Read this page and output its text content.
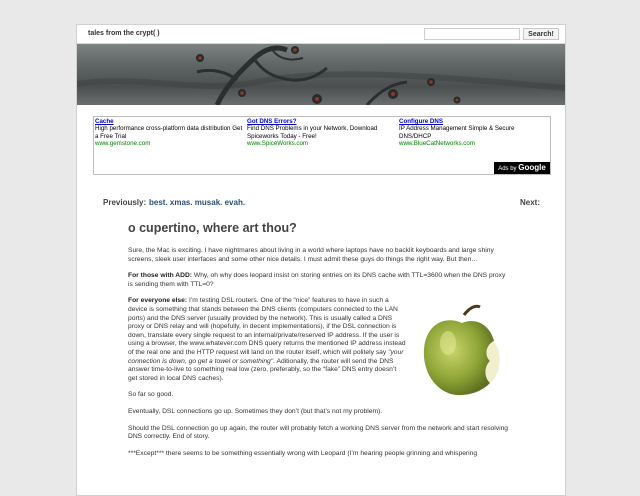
tales from the crypt( )	Search!
Cache
High performance cross-platform data distribution Get a Free Trial
www.gemstone.com
Got DNS Errors?
Find DNS Problems in your Network, Download Spiceworks Today - Free!
www.SpiceWorks.com
Configure DNS
IP Address Management Simple & Secure DNS/DHCP
www.BlueCatNetworks.com
Ads by Google
Previously: best. xmas. musak. evah.	Next:
o cupertino, where art thou?

Sure, the Mac is exciting. I have nightmares about living in a world where laptops have no backlit keyboards and large shiny screens, sleek user interfaces and some other nice details. I must admit these guys do things the right way. But then…

For those with ADD: Why, oh why does leopard insist on storing entries on its DNS cache with TTL=3600 when the DNS proxy is sending them with TTL=0?

For everyone else: I’m testing DSL routers. One of the “nice” features to have in such a device is something that stands between the DNS clients (computers connected to the LAN ports) and the DNS server (usually provided by the network). This is usually called a DNS proxy or DNS relay and will (hopefully, in decent implementations), if the DSL connection is down, translate every single request to an internal/private/reserved IP address. If the user is using a browser, the www.whatever.com DNS query returns the mentioned IP address instead of the real one and the HTTP request will land on the router itself, which will politely say "your connection is down, go get a towel or something". Aditionally, the router will send the DNS answer time-to-live to something real low (zero, preferably, so the “fake” DNS entry doesn’t get stored in local DNS caches).

So far so good.

Eventually, DSL connections go up. Sometimes they don’t (but that’s not my problem).

Should the DSL connection go up again, the router will probably fetch a working DNS server from the network and start resolving DNS correctly. End of story.

***Except*** there seems to be something essentially wrong with Leopard (I’m hearing people grinning and whispering
